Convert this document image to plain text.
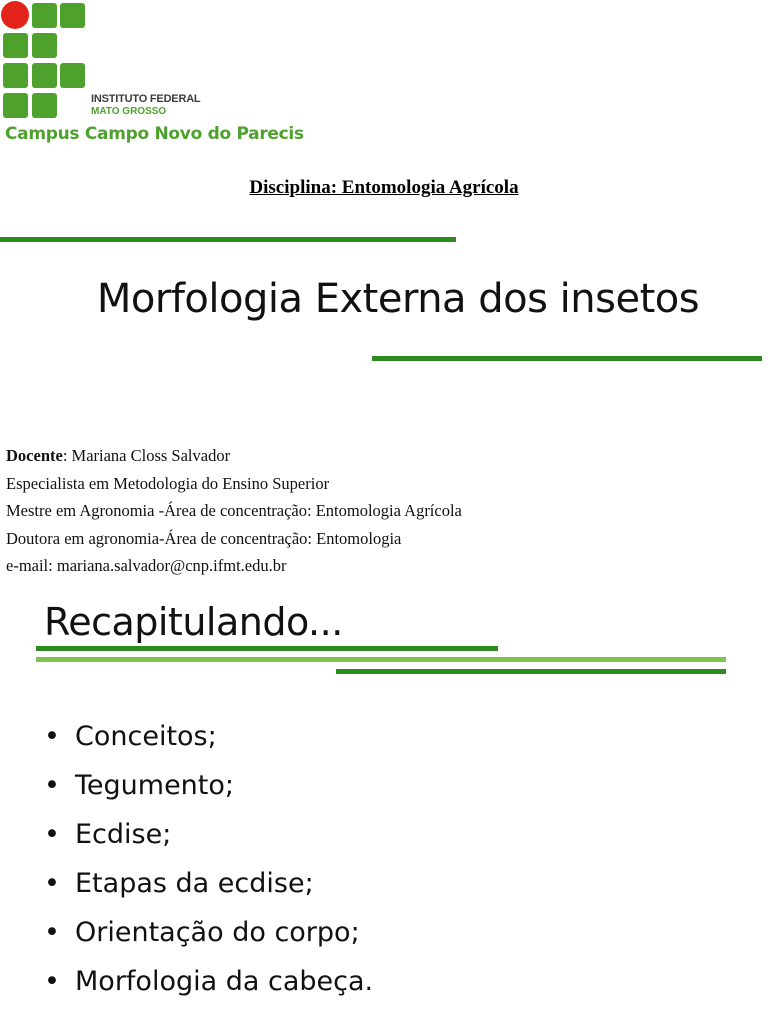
INSTITUTO FEDERAL
MATO GROSSO
Campus Campo Novo do Parecis
Disciplina: Entomologia Agrícola
Morfologia Externa dos insetos
Docente: Mariana Closs Salvador
Especialista em Metodologia do Ensino Superior
Mestre em Agronomia -Área de concentração: Entomologia Agrícola
Doutora em agronomia-Área de concentração: Entomologia
e-mail: mariana.salvador@cnp.ifmt.edu.br
Recapitulando...
• Conceitos;
• Tegumento;
• Ecdise;
• Etapas da ecdise;
• Orientação do corpo;
• Morfologia da cabeça.
